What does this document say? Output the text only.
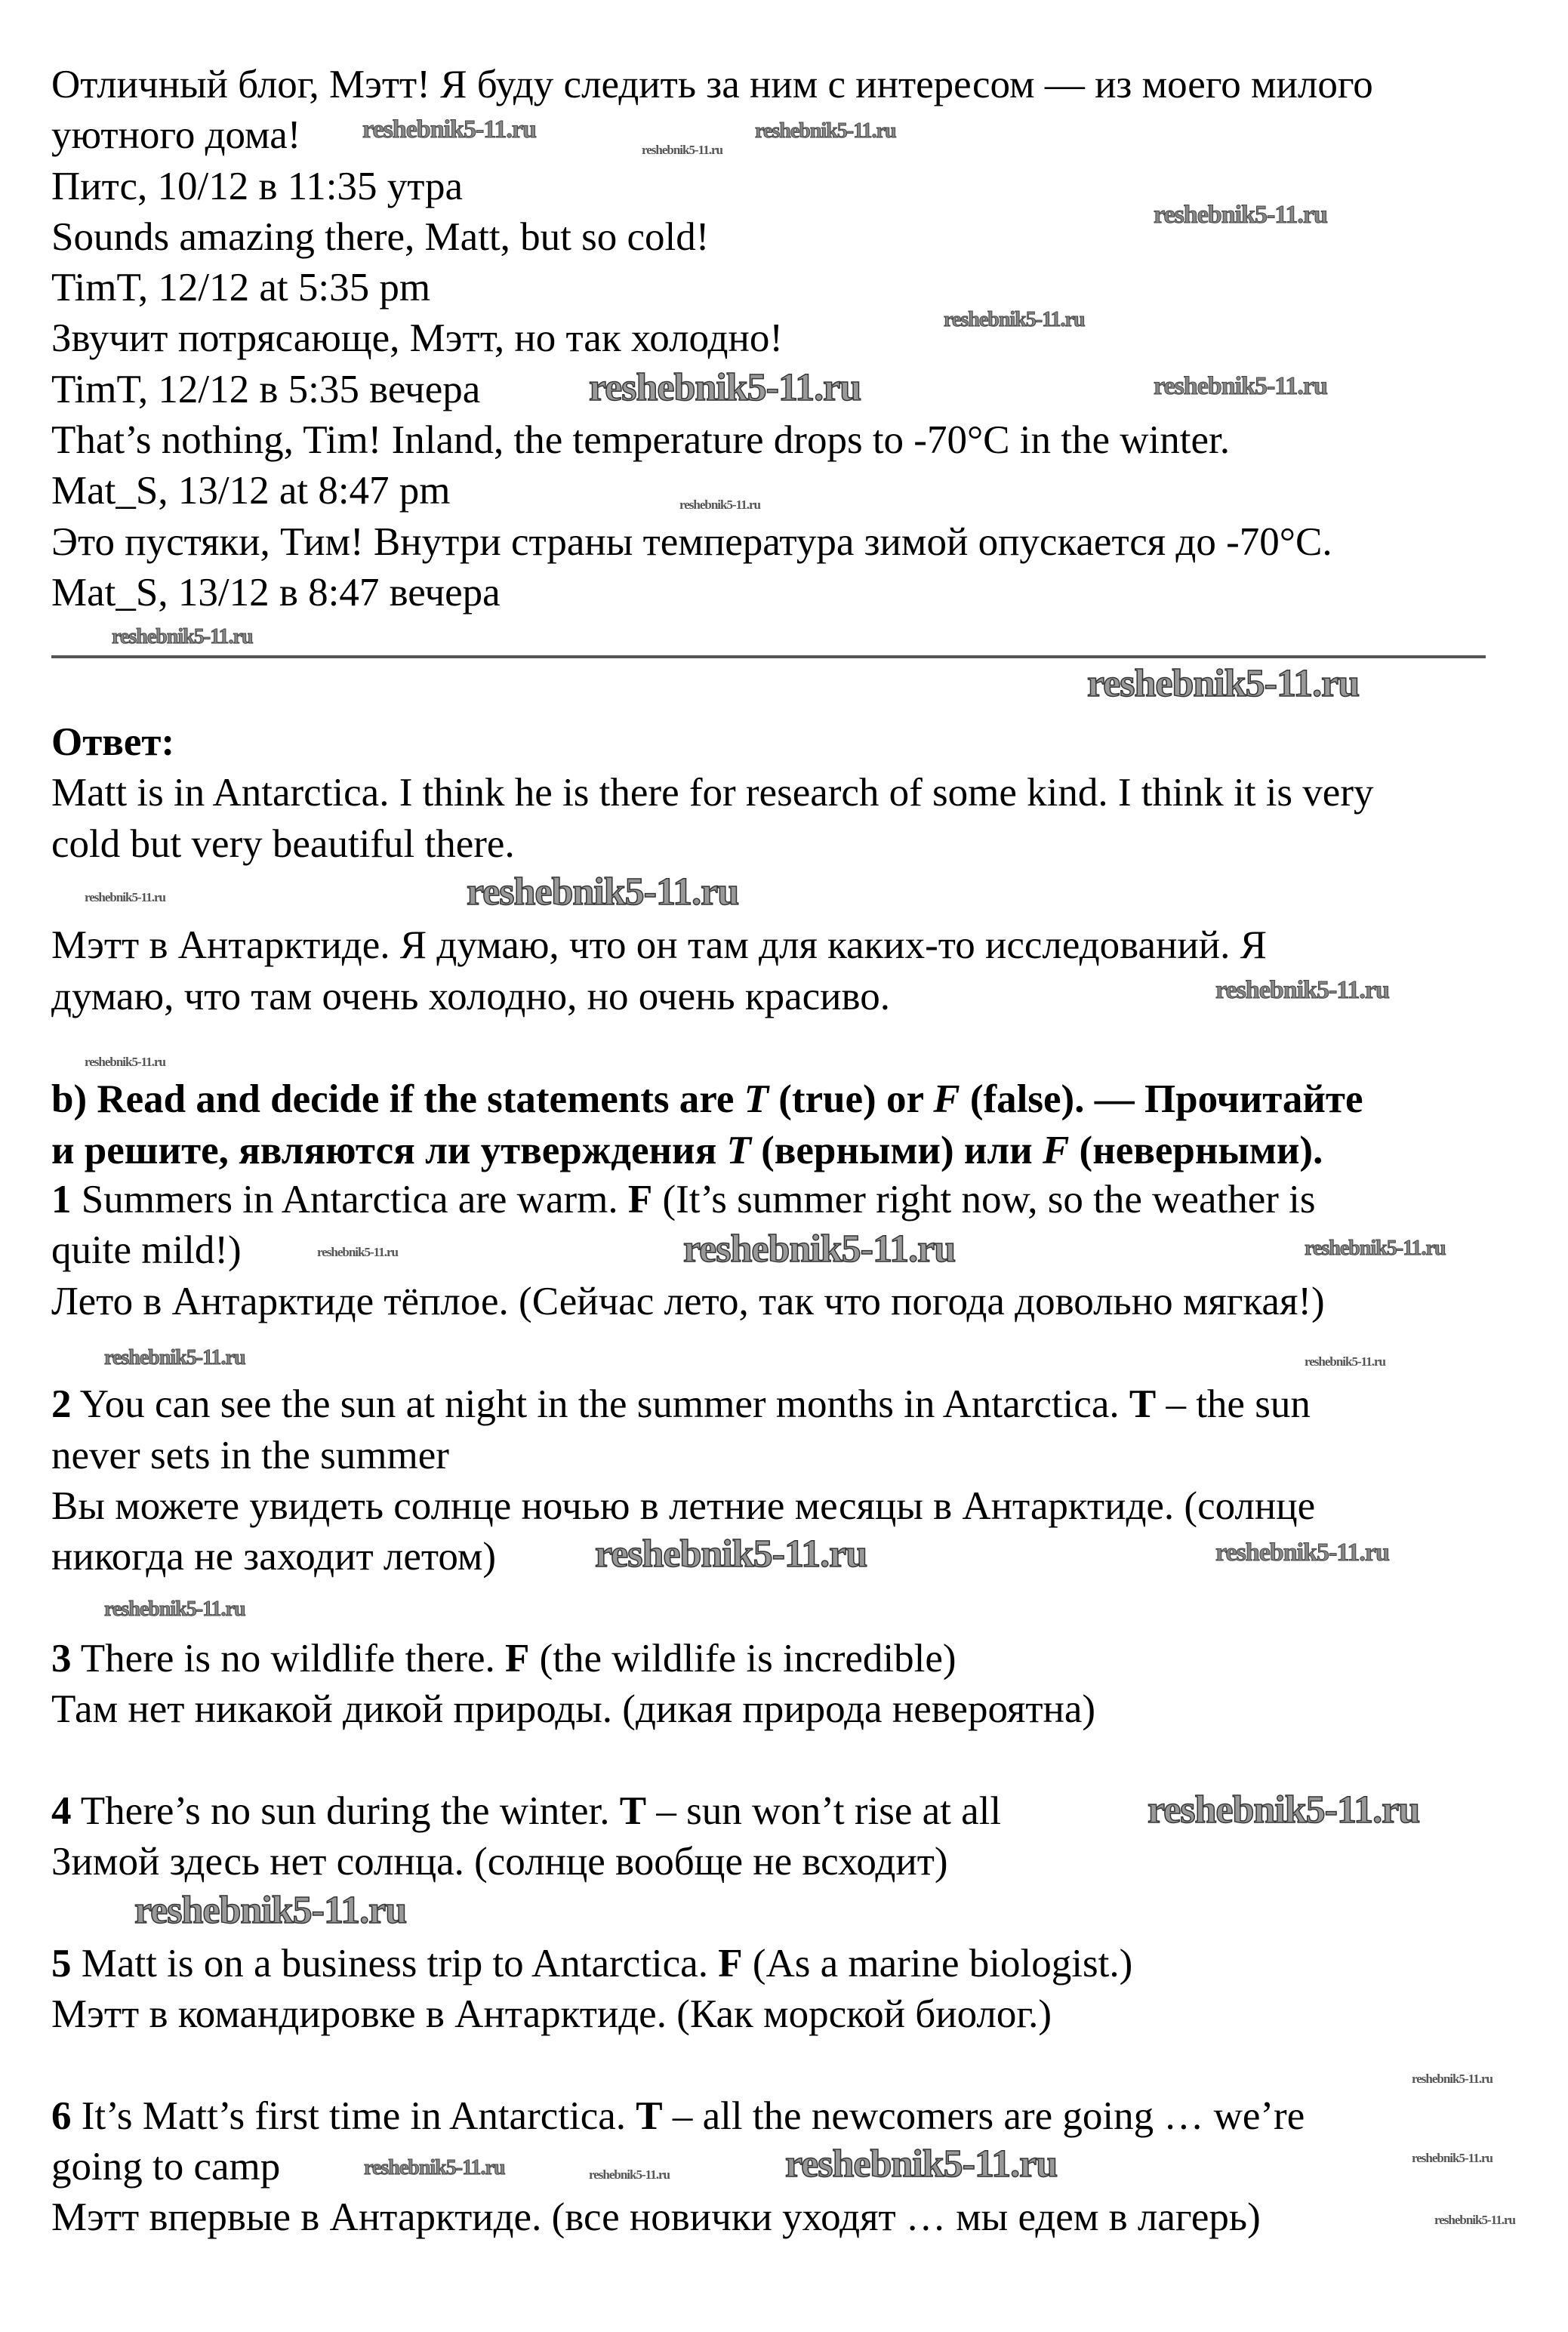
reshebnik5-11.ru	reshebnik5-11.ru
reshebnik5-11.ru
reshebnik5-11.ru
reshebnik5-11.ru
reshebnik5-11.ru	reshebnik5-11.ru
reshebnik5-11.ru
reshebnik5-11.ru
reshebnik5-11.ru
reshebnik5-11.ru	reshebnik5-11.ru
reshebnik5-11.ru
reshebnik5-11.ru
reshebnik5-11.ru	reshebnik5-11.ru
reshebnik5-11.ru
reshebnik5-11.ru	reshebnik5-11.ru
reshebnik5-11.ru	reshebnik5-11.ru
reshebnik5-11.ru
reshebnik5-11.ru
reshebnik5-11.ru
reshebnik5-11.ru
reshebnik5-11.ru
reshebnik5-11.ru
reshebnik5-11.ru	reshebnik5-11.ru
reshebnik5-11.ru
Отличный блог, Мэтт! Я буду следить за ним с интересом — из моего милого
уютного дома!
Питс, 10/12 в 11:35 утра
Sounds amazing there, Matt, but so cold!
TimT, 12/12 at 5:35 pm
Звучит потрясающе, Мэтт, но так холодно!
TimT, 12/12 в 5:35 вечера
That’s nothing, Tim! Inland, the temperature drops to -70°C in the winter.
Mat_S, 13/12 at 8:47 pm
Это пустяки, Тим! Внутри страны температура зимой опускается до -70°С.
Mat_S, 13/12 в 8:47 вечера
Ответ:
Matt is in Antarctica. I think he is there for research of some kind. I think it is very
cold but very beautiful there.
Мэтт в Антарктиде. Я думаю, что он там для каких-то исследований. Я
думаю, что там очень холодно, но очень красиво.
b) Read and decide if the statements are T (true) or F (false). — Прочитайте
и решите, являются ли утверждения T (верными) или F (неверными).
1 Summers in Antarctica are warm. F (It’s summer right now, so the weather is
quite mild!)
Лето в Антарктиде тёплое. (Сейчас лето, так что погода довольно мягкая!)
2 You can see the sun at night in the summer months in Antarctica. T – the sun
never sets in the summer
Вы можете увидеть солнце ночью в летние месяцы в Антарктиде. (солнце
никогда не заходит летом)
3 There is no wildlife there. F (the wildlife is incredible)
Там нет никакой дикой природы. (дикая природа невероятна)
4 There’s no sun during the winter. T – sun won’t rise at all
Зимой здесь нет солнца. (солнце вообще не всходит)
5 Matt is on a business trip to Antarctica. F (As a marine biologist.)
Мэтт в командировке в Антарктиде. (Как морской биолог.)
6 It’s Matt’s first time in Antarctica. T – all the newcomers are going … we’re
going to camp
Мэтт впервые в Антарктиде. (все новички уходят … мы едем в лагерь)
